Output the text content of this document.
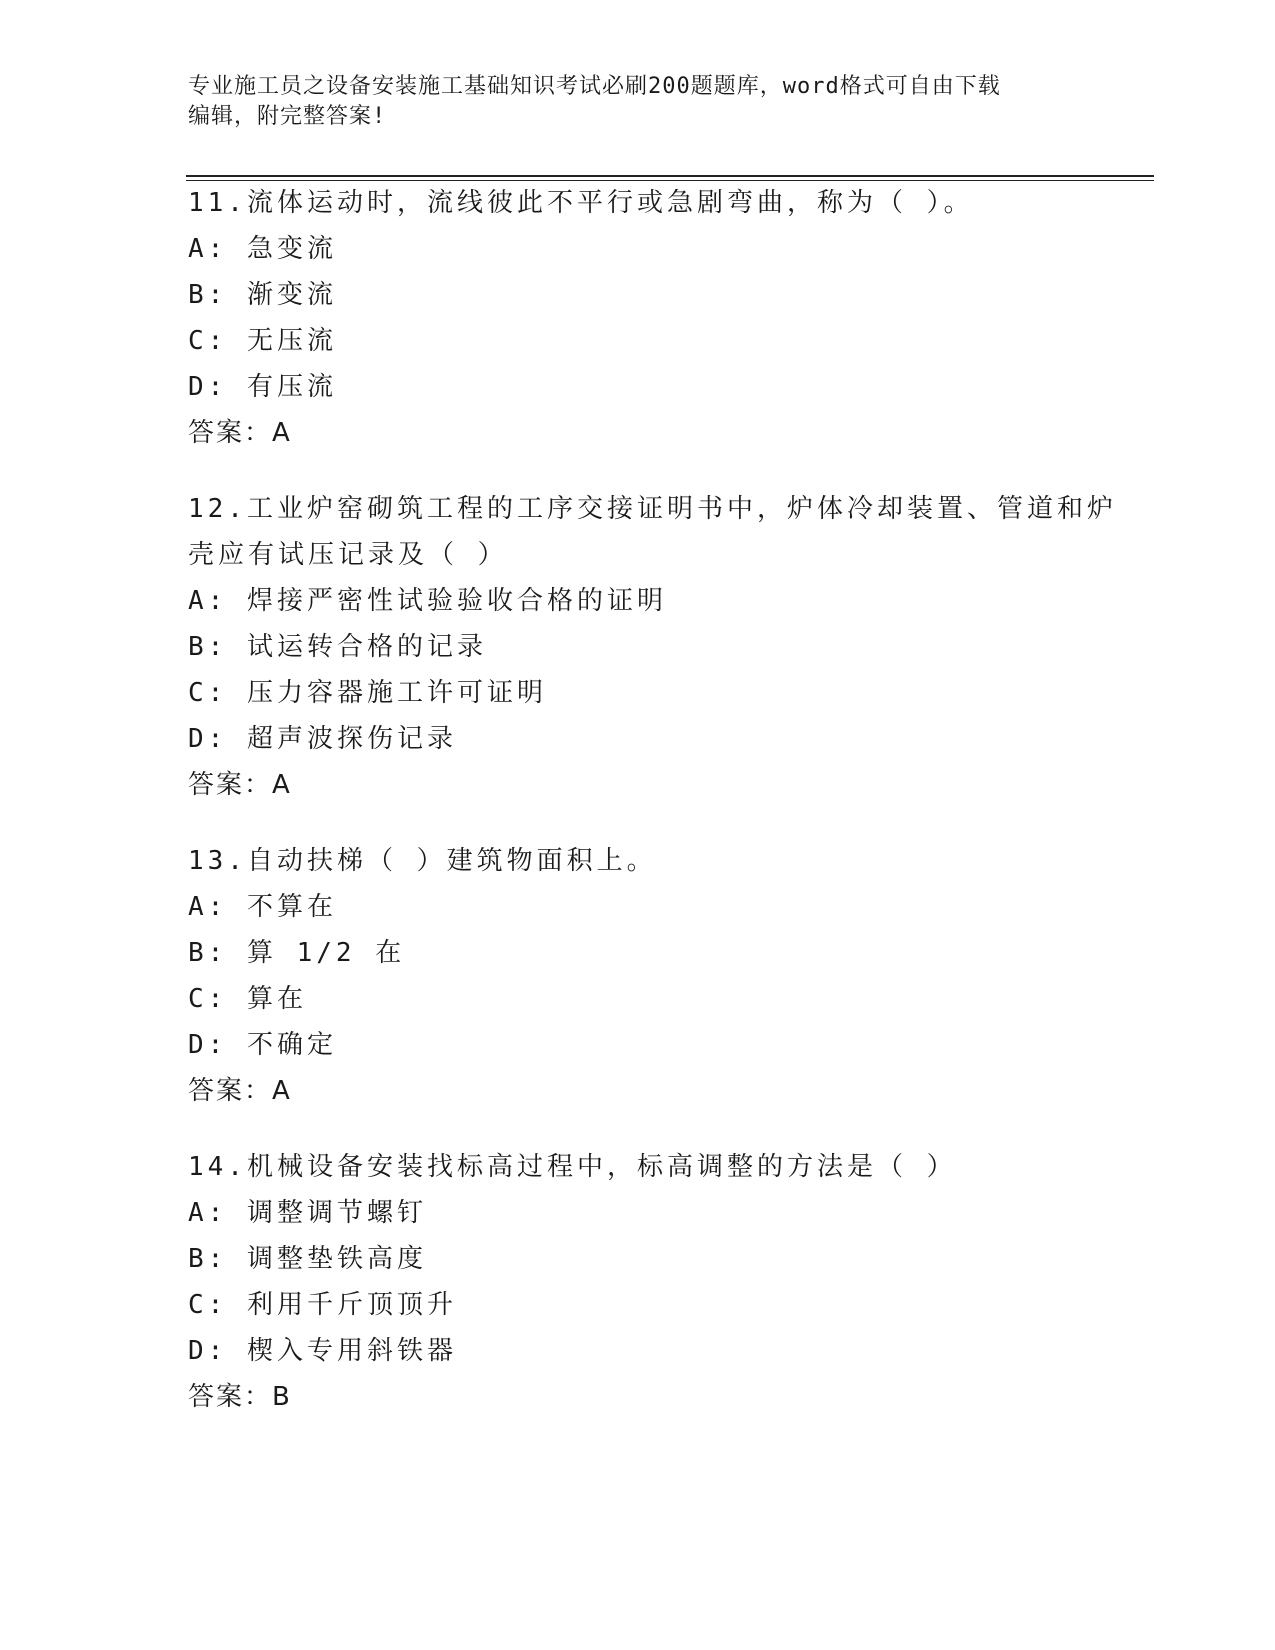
专业施工员之设备安装施工基础知识考试必刷200题题库，word格式可自由下载
编辑，附完整答案!
11.流体运动时，流线彼此不平行或急剧弯曲，称为（ ）。
A: 急变流
B: 渐变流
C: 无压流
D: 有压流
答案：A
12.工业炉窑砌筑工程的工序交接证明书中，炉体冷却装置、管道和炉
壳应有试压记录及（ ）
A: 焊接严密性试验验收合格的证明
B: 试运转合格的记录
C: 压力容器施工许可证明
D: 超声波探伤记录
答案：A
13.自动扶梯（ ）建筑物面积上。
A: 不算在
B: 算 1/2 在
C: 算在
D: 不确定
答案：A
14.机械设备安装找标高过程中，标高调整的方法是（ ）
A: 调整调节螺钉
B: 调整垫铁高度
C: 利用千斤顶顶升
D: 楔入专用斜铁器
答案：B
